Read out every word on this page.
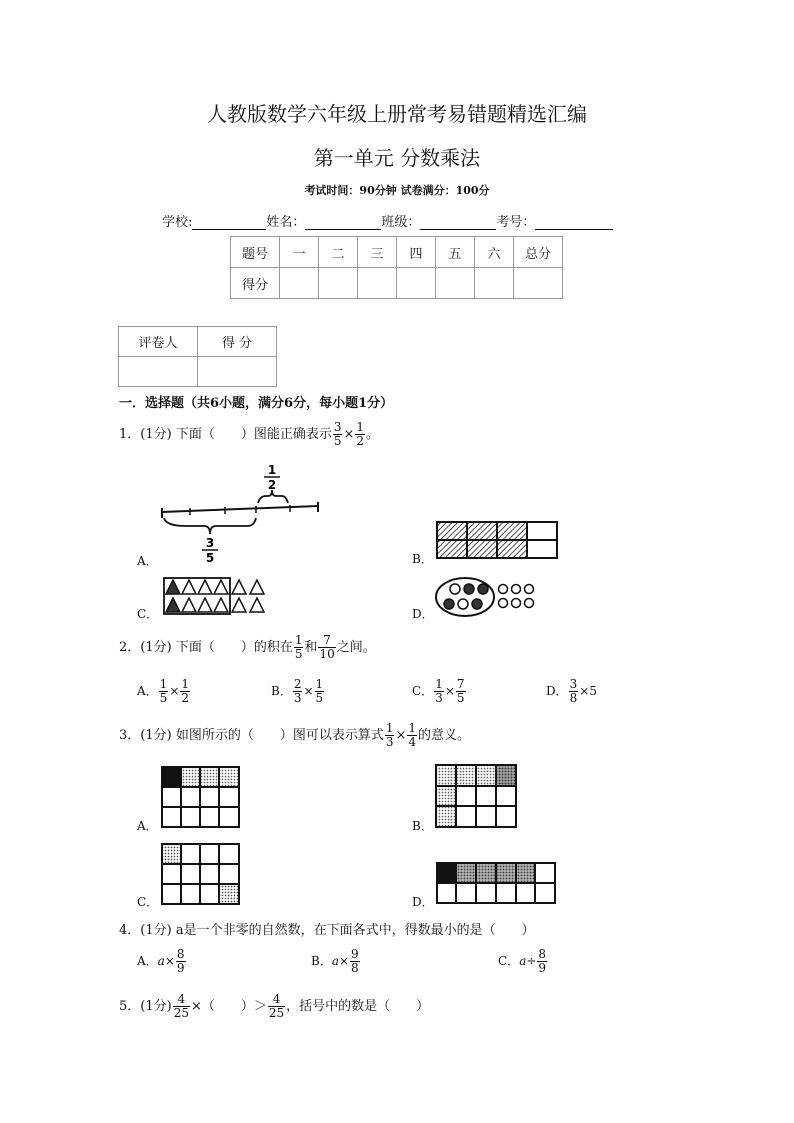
人教版数学六年级上册常考易错题精选汇编
第一单元 分数乘法
考试时间：90分钟 试卷满分：100分
学校:	姓名：	班级：	考号：
题号	一	二	三	四	五	六	总分
得分							
评卷人	得 分

一．选择题（共6小题，满分6分，每小题1分）
1．(1分) 下面（　　）图能正确表示 $\frac{3}{5} \times \frac{1}{2}$ 。
1
2
3
5
A．	B．
C．	D．
2．(1分) 下面（　　）的积在 $\frac{1}{5}$ 和 $\frac{7}{10}$ 之间。
A． $\frac{1}{5} \times \frac{1}{2}$	B． $\frac{2}{3} \times \frac{1}{5}$	C． $\frac{1}{3} \times \frac{7}{5}$	D． $\frac{3}{8} \times 5$
3．(1分) 如图所示的（　　）图可以表示算式 $\frac{1}{3} \times \frac{1}{4}$ 的意义。
A．	B．
C．	D．
4．(1分) a是一个非零的自然数，在下面各式中，得数最小的是（　　）
A．$a\times \frac{8}{9}$	B．$a\times \frac{9}{8}$	C．$a\div \frac{8}{9}$
5．(1分) $\frac{4}{25}$ ×（　　）＞ $\frac{4}{25}$ ，括号中的数是（　　）
